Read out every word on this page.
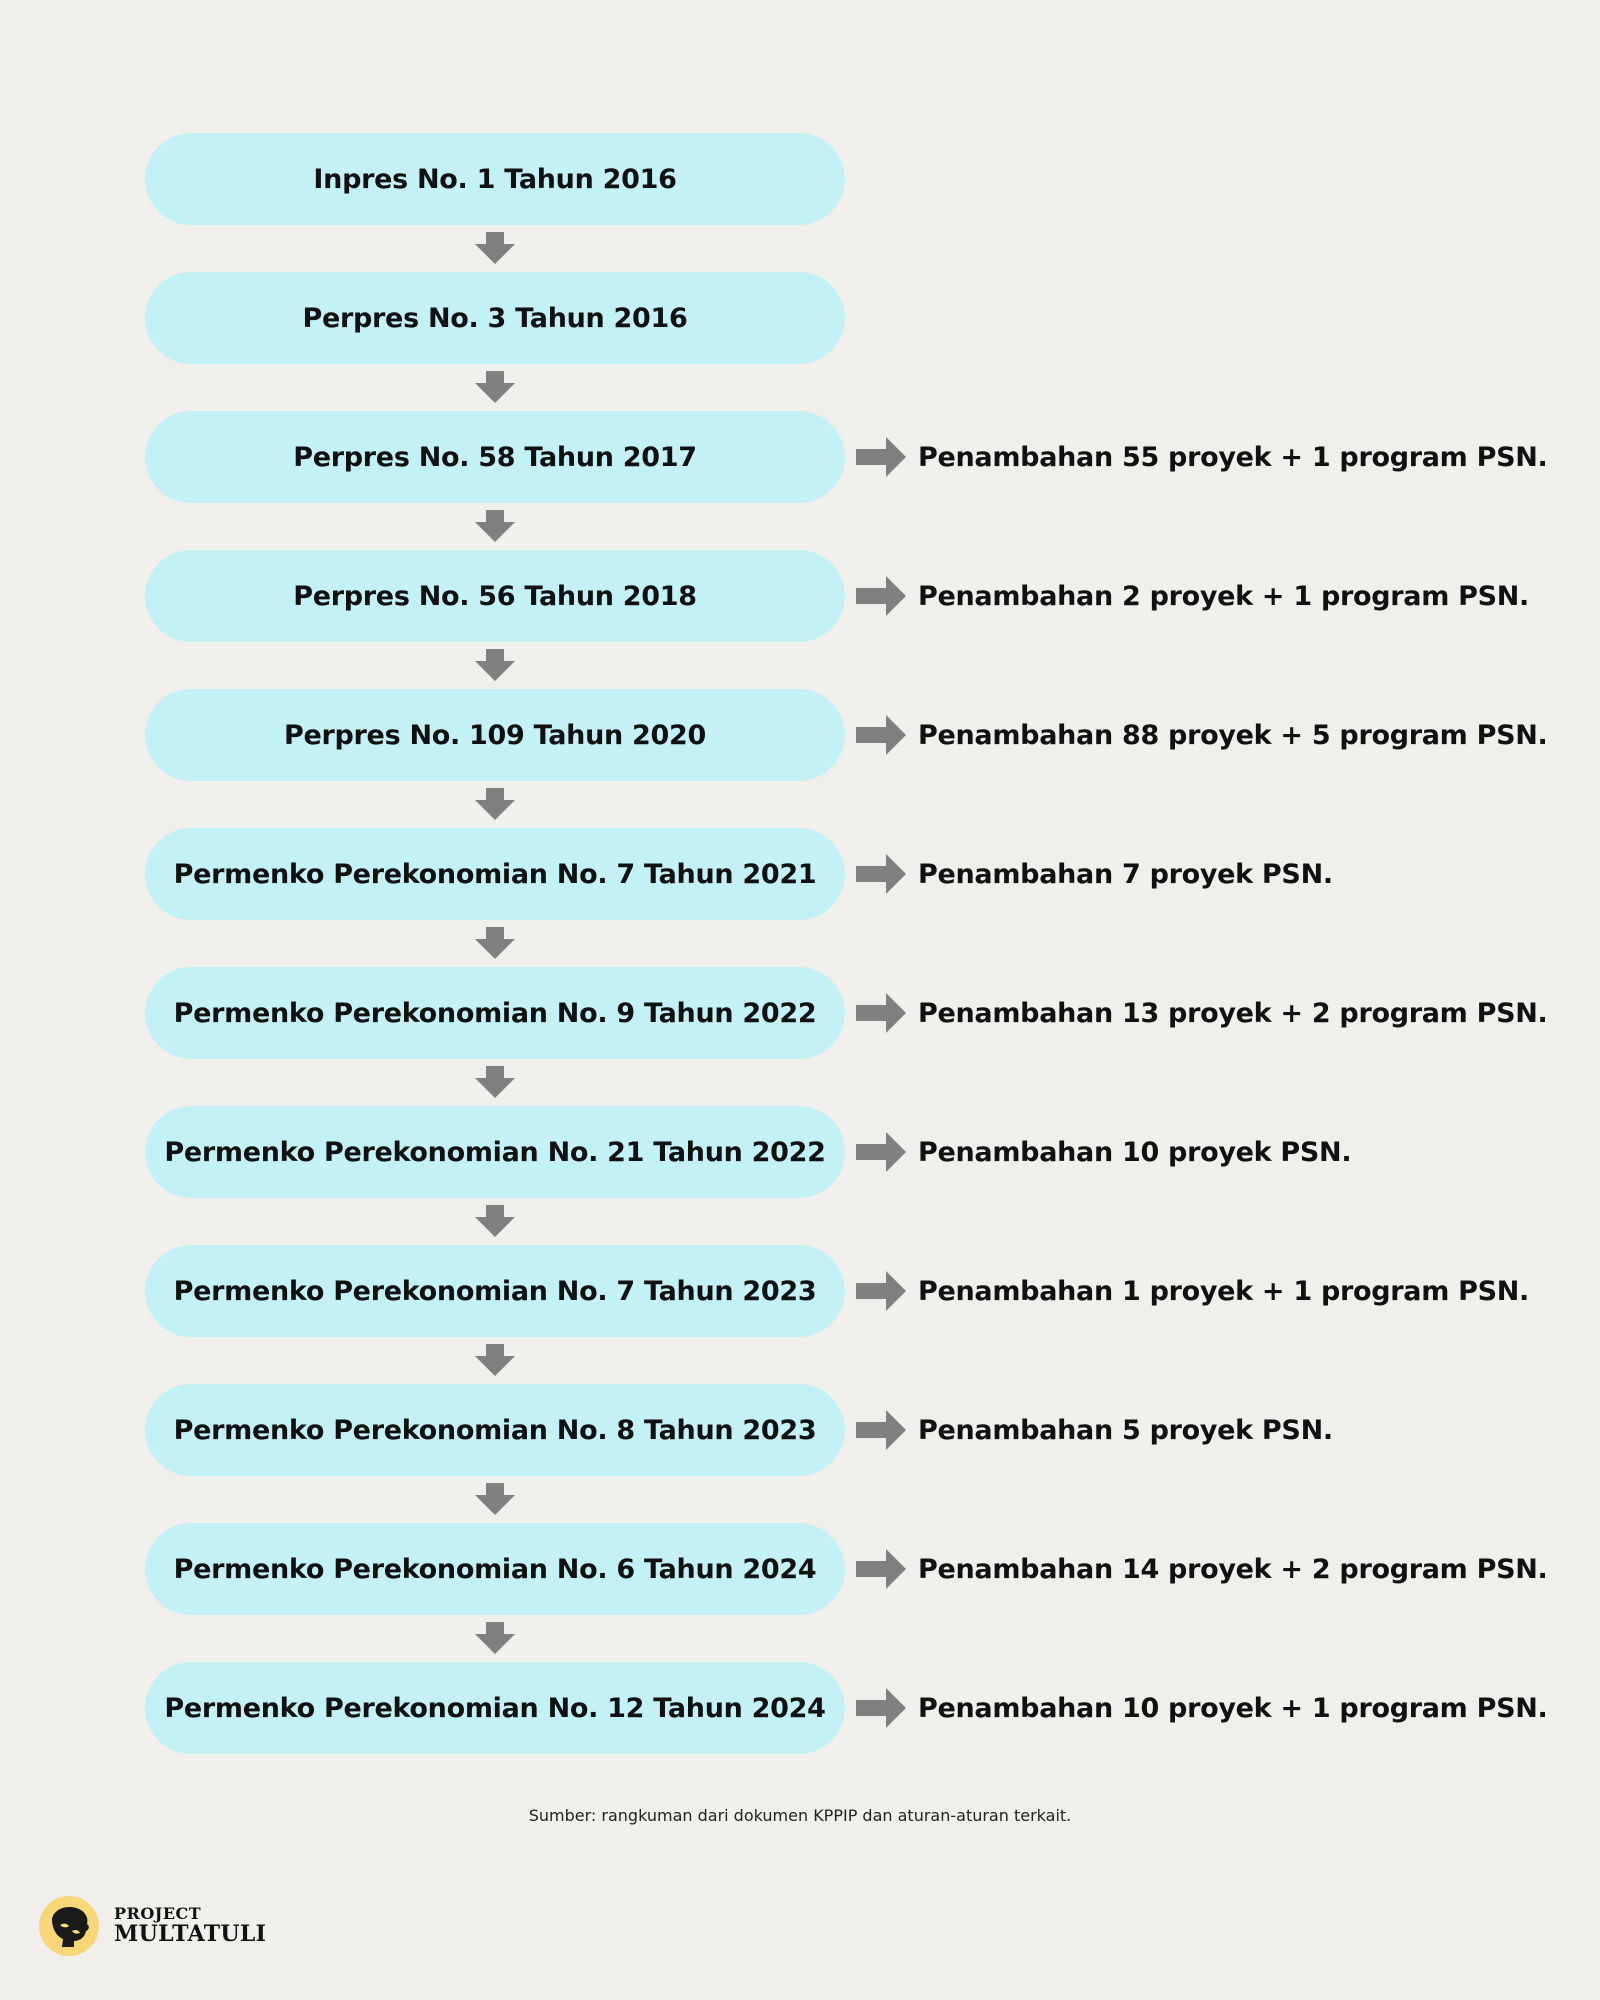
Inpres No. 1 Tahun 2016
Perpres No. 3 Tahun 2016
Perpres No. 58 Tahun 2017	Penambahan 55 proyek + 1 program PSN.
Perpres No. 56 Tahun 2018	Penambahan 2 proyek + 1 program PSN.
Perpres No. 109 Tahun 2020	Penambahan 88 proyek + 5 program PSN.
Permenko Perekonomian No. 7 Tahun 2021	Penambahan 7 proyek PSN.
Permenko Perekonomian No. 9 Tahun 2022	Penambahan 13 proyek + 2 program PSN.
Permenko Perekonomian No. 21 Tahun 2022	Penambahan 10 proyek PSN.
Permenko Perekonomian No. 7 Tahun 2023	Penambahan 1 proyek + 1 program PSN.
Permenko Perekonomian No. 8 Tahun 2023	Penambahan 5 proyek PSN.
Permenko Perekonomian No. 6 Tahun 2024	Penambahan 14 proyek + 2 program PSN.
Permenko Perekonomian No. 12 Tahun 2024	Penambahan 10 proyek + 1 program PSN.
Sumber: rangkuman dari dokumen KPPIP dan aturan-aturan terkait.
PROJECT
MULTATULI
